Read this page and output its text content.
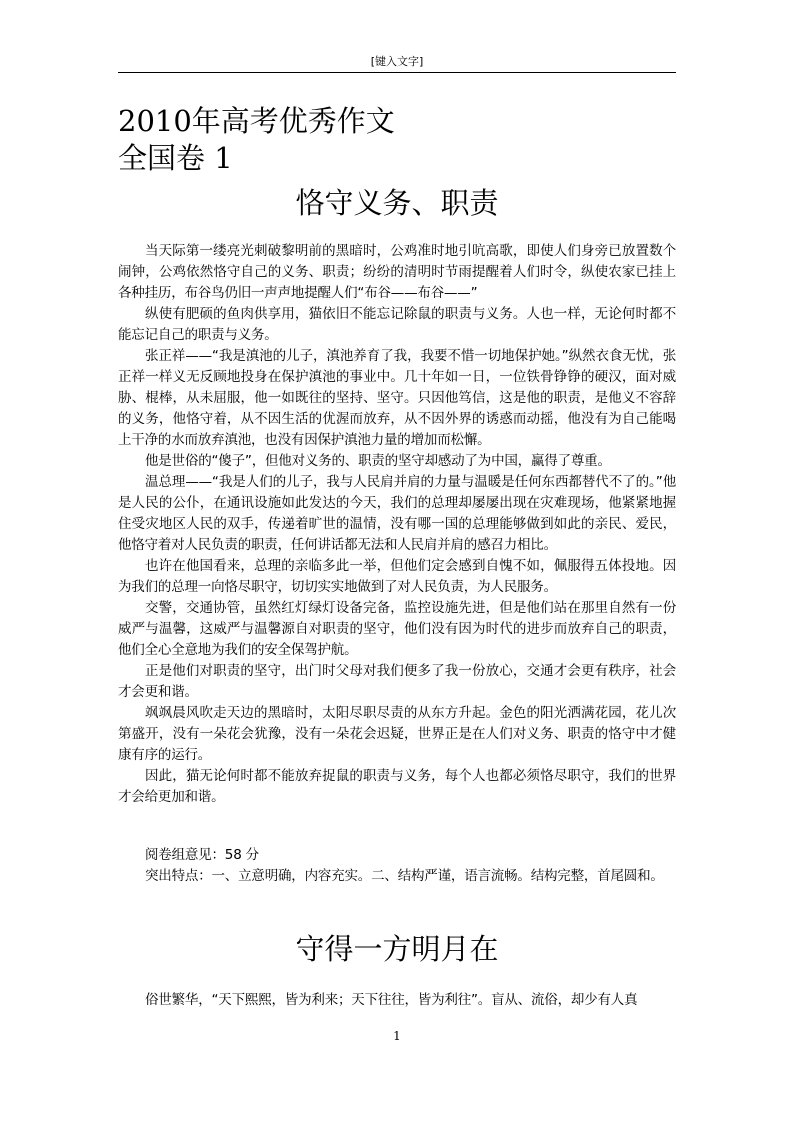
[键入文字]
2010年高考优秀作文
全国卷 1
恪守义务、职责

当天际第一缕亮光刺破黎明前的黑暗时，公鸡准时地引吭高歌，即使人们身旁已放置数个闹钟，公鸡依然恪守自己的义务、职责；纷纷的清明时节雨提醒着人们时令，纵使农家已挂上各种挂历，布谷鸟仍旧一声声地提醒人们“布谷——布谷——”

纵使有肥硕的鱼肉供享用，猫依旧不能忘记除鼠的职责与义务。人也一样，无论何时都不能忘记自己的职责与义务。

张正祥——“我是滇池的儿子，滇池养育了我，我要不惜一切地保护她。”纵然衣食无忧，张正祥一样义无反顾地投身在保护滇池的事业中。几十年如一日，一位铁骨铮铮的硬汉，面对威胁、棍棒，从未屈服，他一如既往的坚持、坚守。只因他笃信，这是他的职责，是他义不容辞的义务，他恪守着，从不因生活的优渥而放弃，从不因外界的诱惑而动摇，他没有为自己能喝上干净的水而放弃滇池，也没有因保护滇池力量的增加而松懈。

他是世俗的“傻子”，但他对义务的、职责的坚守却感动了为中国，赢得了尊重。

温总理——“我是人们的儿子，我与人民肩并肩的力量与温暖是任何东西都替代不了的。”他是人民的公仆，在通讯设施如此发达的今天，我们的总理却屡屡出现在灾难现场，他紧紧地握住受灾地区人民的双手，传递着旷世的温情，没有哪一国的总理能够做到如此的亲民、爱民，他恪守着对人民负责的职责，任何讲话都无法和人民肩并肩的感召力相比。

也许在他国看来，总理的亲临多此一举，但他们定会感到自愧不如，佩服得五体投地。因为我们的总理一向恪尽职守，切切实实地做到了对人民负责，为人民服务。

交警，交通协管，虽然红灯绿灯设备完备，监控设施先进，但是他们站在那里自然有一份威严与温馨，这威严与温馨源自对职责的坚守，他们没有因为时代的进步而放弃自己的职责，他们全心全意地为我们的安全保驾护航。

正是他们对职责的坚守，出门时父母对我们便多了我一份放心，交通才会更有秩序，社会才会更和谐。

飒飒晨风吹走天边的黑暗时，太阳尽职尽责的从东方升起。金色的阳光洒满花园，花儿次第盛开，没有一朵花会犹豫，没有一朵花会迟疑，世界正是在人们对义务、职责的恪守中才健康有序的运行。

因此，猫无论何时都不能放弃捉鼠的职责与义务，每个人也都必须恪尽职守，我们的世界才会给更加和谐。

阅卷组意见：58 分

突出特点：一、立意明确，内容充实。二、结构严谨，语言流畅。结构完整，首尾圆和。

守得一方明月在

俗世繁华，“天下熙熙，皆为利来；天下往往，皆为利往”。盲从、流俗，却少有人真

1
